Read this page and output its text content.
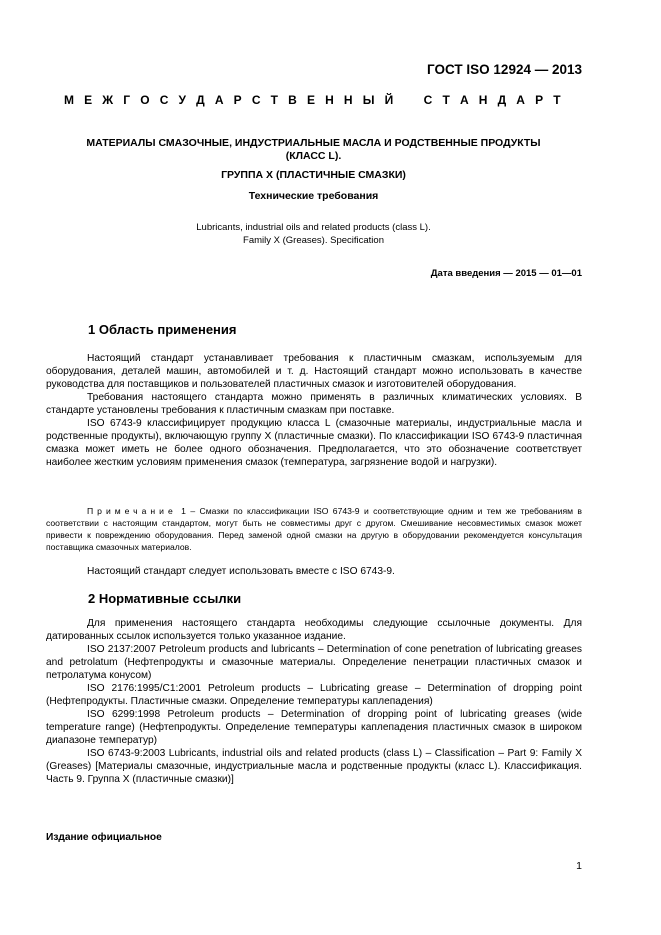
ГОСТ ISO 12924 — 2013
М Е Ж Г О С У Д А Р С Т В Е Н Н Ы Й	С Т А Н Д А Р Т
МАТЕРИАЛЫ СМАЗОЧНЫЕ, ИНДУСТРИАЛЬНЫЕ МАСЛА И РОДСТВЕННЫЕ ПРОДУКТЫ
(КЛАСС L).
ГРУППА X (ПЛАСТИЧНЫЕ СМАЗКИ)
Технические требования
Lubricants, industrial oils and related products (class L).
Family X (Greases). Specification
Дата введения — 2015 — 01—01
1 Область применения

Настоящий стандарт устанавливает требования к пластичным смазкам, используемым для оборудования, деталей машин, автомобилей и т. д. Настоящий стандарт можно использовать в качестве руководства для поставщиков и пользователей пластичных смазок и изготовителей оборудования.

Требования настоящего стандарта можно применять в различных климатических условиях. В стандарте установлены требования к пластичным смазкам при поставке.

ISO 6743-9 классифицирует продукцию класса L (смазочные материалы, индустриальные масла и родственные продукты), включающую группу X (пластичные смазки). По классификации ISO 6743-9 пластичная смазка может иметь не более одного обозначения. Предполагается, что это обозначение соответствует наиболее жестким условиям применения смазок (температура, загрязнение водой и нагрузки).

Примечание 1 – Смазки по классификации ISO 6743-9 и соответствующие одним и тем же требованиям в соответствии с настоящим стандартом, могут быть не совместимы друг с другом. Смешивание несовместимых смазок может привести к повреждению оборудования. Перед заменой одной смазки на другую в оборудовании рекомендуется консультация поставщика смазочных материалов.

Настоящий стандарт следует использовать вместе с ISO 6743-9.

2 Нормативные ссылки

Для применения настоящего стандарта необходимы следующие ссылочные документы. Для датированных ссылок используется только указанное издание.

ISO 2137:2007 Petroleum products and lubricants – Determination of cone penetration of lubricating greases and petrolatum (Нефтепродукты и смазочные материалы. Определение пенетрации пластичных смазок и петролатума конусом)

ISO 2176:1995/C1:2001 Petroleum products – Lubricating grease – Determination of dropping point (Нефтепродукты. Пластичные смазки. Определение температуры каплепадения)

ISO 6299:1998 Petroleum products – Determination of dropping point of lubricating greases (wide temperature range) (Нефтепродукты. Определение температуры каплепадения пластичных смазок в широком диапазоне температур)

ISO 6743-9:2003 Lubricants, industrial oils and related products (class L) – Classification – Part 9: Family X (Greases) [Материалы смазочные, индустриальные масла и родственные продукты (класс L). Классификация. Часть 9. Группа X (пластичные смазки)]

Издание официальное
1
